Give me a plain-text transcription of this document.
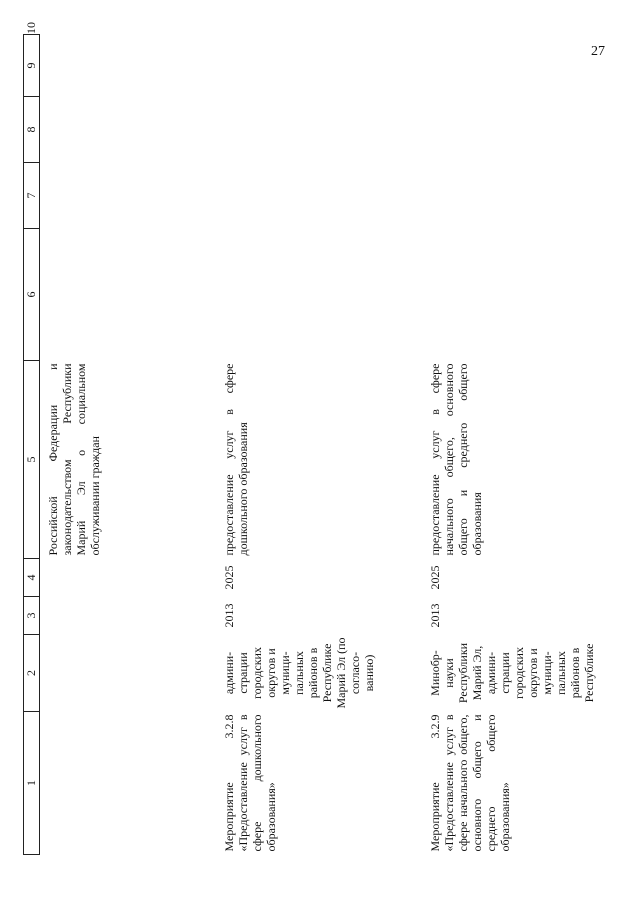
27
1	2	3	4	5	6	7	8	9	10
				Российской Федерации и законодательством Республики Марий Эл о социальном обслуживании граждан					
Мероприятие 3.2.8 «Предоставление услуг в сфере дошкольного образования»	админи-страции городских округов и муници-пальных районов в Республике Марий Эл (по согласо-ванию)	2013	2025	предоставление услуг в сфере дошкольного образования					
Мероприятие 3.2.9 «Предоставление услуг в сфере начального общего, основного общего и среднего общего образования»	Минобр-науки Республики Марий Эл, админи-страции городских округов и муници-пальных районов в Республике	2013	2025	предоставление услуг в сфере начального общего, основного общего и среднего общего образования					
